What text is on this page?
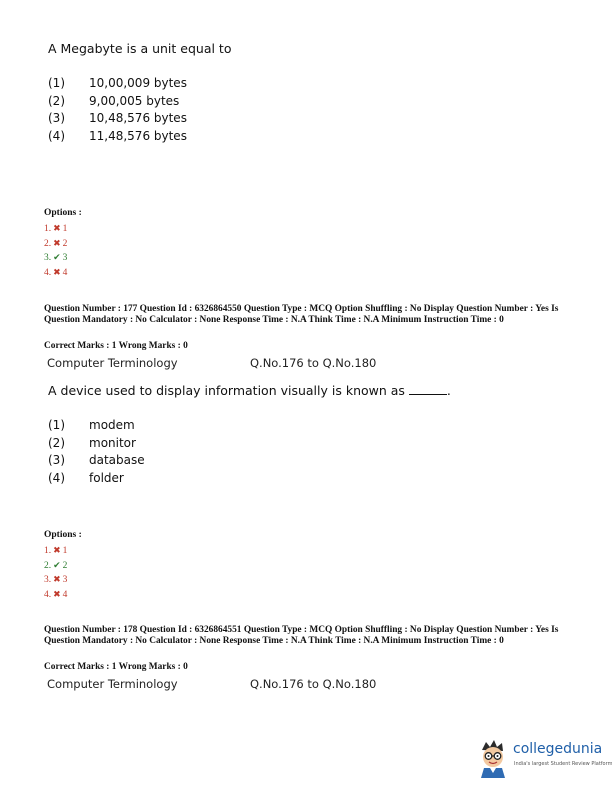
A Megabyte is a unit equal to
(1) 10,00,009 bytes
(2) 9,00,005 bytes
(3) 10,48,576 bytes
(4) 11,48,576 bytes
Options :
1. ✖ 1
2. ✖ 2
3. ✔ 3
4. ✖ 4
Question Number : 177 Question Id : 6326864550 Question Type : MCQ Option Shuffling : No Display Question Number : Yes Is Question Mandatory : No Calculator : None Response Time : N.A Think Time : N.A Minimum Instruction Time : 0
Correct Marks : 1 Wrong Marks : 0
Computer Terminology	Q.No.176 to Q.No.180
A device used to display information visually is known as	.
(1) modem
(2) monitor
(3) database
(4) folder
Options :
1. ✖ 1
2. ✔ 2
3. ✖ 3
4. ✖ 4
Question Number : 178 Question Id : 6326864551 Question Type : MCQ Option Shuffling : No Display Question Number : Yes Is Question Mandatory : No Calculator : None Response Time : N.A Think Time : N.A Minimum Instruction Time : 0
Correct Marks : 1 Wrong Marks : 0
Computer Terminology	Q.No.176 to Q.No.180
collegedunia
India's largest Student Review Platform
